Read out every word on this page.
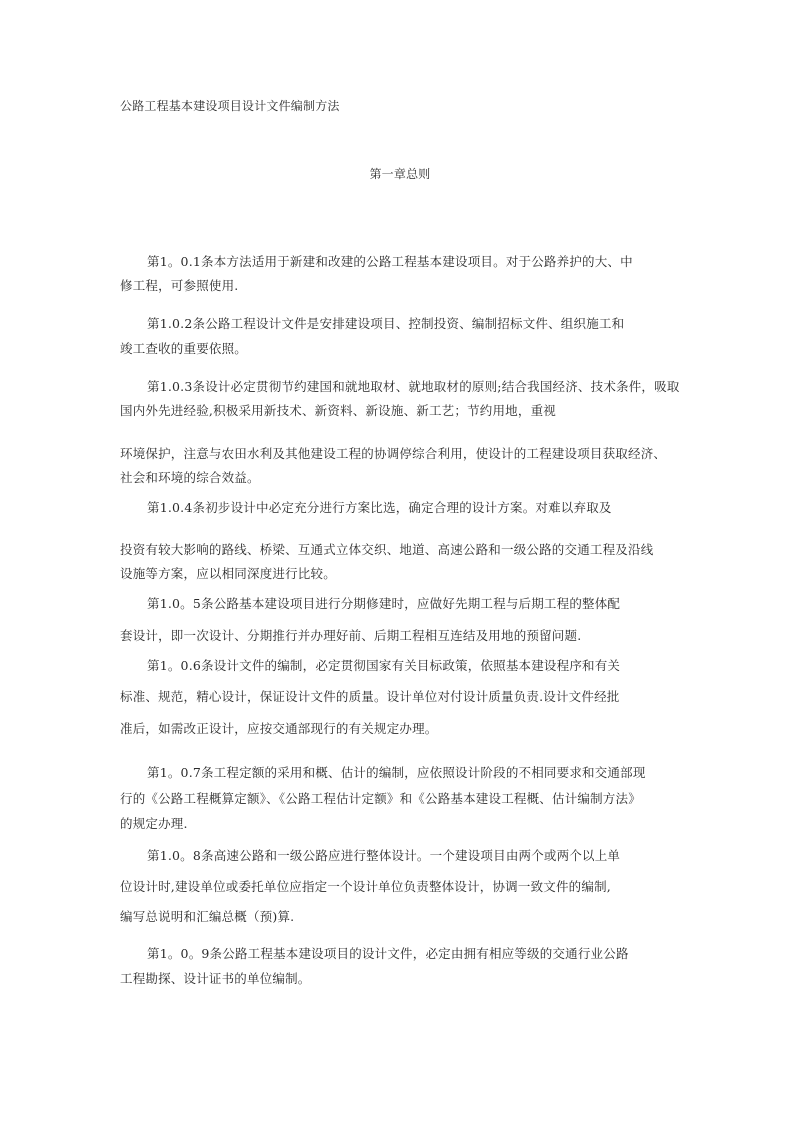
公路工程基本建设项目设计文件编制方法
第一章总则
第1。0.1条本方法适用于新建和改建的公路工程基本建设项目。对于公路养护的大、中
修工程，可参照使用.
第1.0.2条公路工程设计文件是安排建设项目、控制投资、编制招标文件、组织施工和
竣工查收的重要依照。
第1.0.3条设计必定贯彻节约建国和就地取材、就地取材的原则;结合我国经济、技术条件，吸取
国内外先进经验,积极采用新技术、新资料、新设施、新工艺；节约用地，重视
环境保护，注意与农田水利及其他建设工程的协调停综合利用，使设计的工程建设项目获取经济、
社会和环境的综合效益。
第1.0.4条初步设计中必定充分进行方案比选，确定合理的设计方案。对难以弃取及
投资有较大影响的路线、桥梁、互通式立体交织、地道、高速公路和一级公路的交通工程及沿线
设施等方案，应以相同深度进行比较。
第1.0。5条公路基本建设项目进行分期修建时，应做好先期工程与后期工程的整体配
套设计，即一次设计、分期推行并办理好前、后期工程相互连结及用地的预留问题.
第1。0.6条设计文件的编制，必定贯彻国家有关目标政策，依照基本建设程序和有关
标准、规范，精心设计，保证设计文件的质量。设计单位对付设计质量负责.设计文件经批
准后，如需改正设计，应按交通部现行的有关规定办理。
第1。0.7条工程定额的采用和概、估计的编制，应依照设计阶段的不相同要求和交通部现
行的《公路工程概算定额》、《公路工程估计定额》和《公路基本建设工程概、估计编制方法》
的规定办理.
第1.0。8条高速公路和一级公路应进行整体设计。一个建设项目由两个或两个以上单
位设计时,建设单位或委托单位应指定一个设计单位负责整体设计，协调一致文件的编制,
编写总说明和汇编总概（预)算.
第1。0。9条公路工程基本建设项目的设计文件，必定由拥有相应等级的交通行业公路
工程勘探、设计证书的单位编制。
